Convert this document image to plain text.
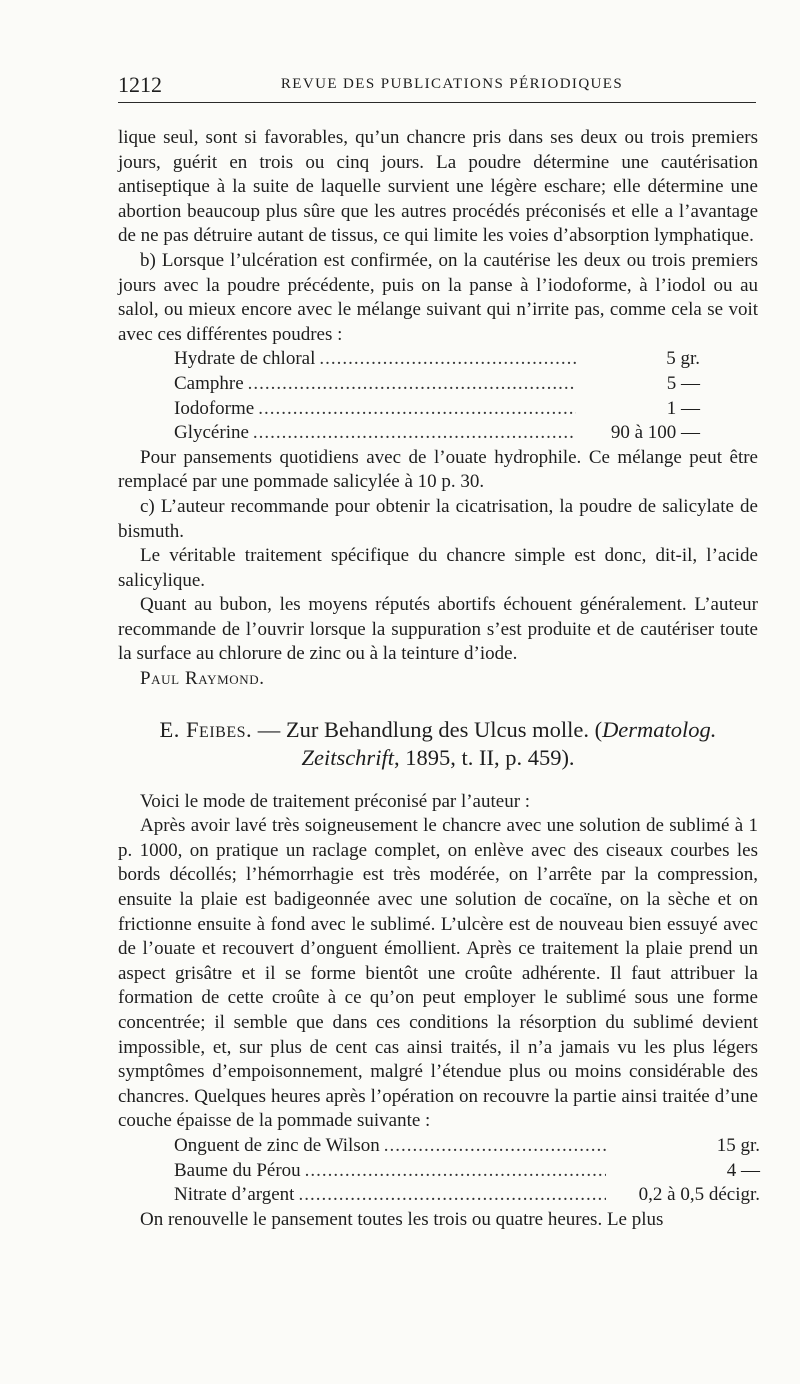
1212	REVUE DES PUBLICATIONS PÉRIODIQUES

lique seul, sont si favorables, qu’un chancre pris dans ses deux ou trois premiers jours, guérit en trois ou cinq jours. La poudre détermine une cautérisation antiseptique à la suite de laquelle survient une légère eschare; elle détermine une abortion beaucoup plus sûre que les autres procédés préconisés et elle a l’avantage de ne pas détruire autant de tissus, ce qui limite les voies d’absorption lymphatique.

b) Lorsque l’ulcération est confirmée, on la cautérise les deux ou trois premiers jours avec la poudre précédente, puis on la panse à l’iodoforme, à l’iodol ou au salol, ou mieux encore avec le mélange suivant qui n’irrite pas, comme cela se voit avec ces différentes poudres :

Hydrate de chloral .....	5 gr.
Camphre .....	5 —
Iodoforme .....	1 —
Glycérine .....	90 à 100 —

Pour pansements quotidiens avec de l’ouate hydrophile. Ce mélange peut être remplacé par une pommade salicylée à 10 p. 30.

c) L’auteur recommande pour obtenir la cicatrisation, la poudre de salicylate de bismuth.

Le véritable traitement spécifique du chancre simple est donc, dit-il, l’acide salicylique.

Quant au bubon, les moyens réputés abortifs échouent généralement. L’auteur recommande de l’ouvrir lorsque la suppuration s’est produite et de cautériser toute la surface au chlorure de zinc ou à la teinture d’iode.

Paul Raymond.

E. Feibes. — Zur Behandlung des Ulcus molle. (Dermatolog. Zeitschrift, 1895, t. II, p. 459).

Voici le mode de traitement préconisé par l’auteur :

Après avoir lavé très soigneusement le chancre avec une solution de sublimé à 1 p. 1000, on pratique un raclage complet, on enlève avec des ciseaux courbes les bords décollés; l’hémorrhagie est très modérée, on l’arrête par la compression, ensuite la plaie est badigeonnée avec une solution de cocaïne, on la sèche et on frictionne ensuite à fond avec le sublimé. L’ulcère est de nouveau bien essuyé avec de l’ouate et recouvert d’onguent émollient. Après ce traitement la plaie prend un aspect grisâtre et il se forme bientôt une croûte adhérente. Il faut attribuer la formation de cette croûte à ce qu’on peut employer le sublimé sous une forme concentrée; il semble que dans ces conditions la résorption du sublimé devient impossible, et, sur plus de cent cas ainsi traités, il n’a jamais vu les plus légers symptômes d’empoisonnement, malgré l’étendue plus ou moins considérable des chancres. Quelques heures après l’opération on recouvre la partie ainsi traitée d’une couche épaisse de la pommade suivante :

Onguent de zinc de Wilson .....	15 gr.
Baume du Pérou .....	4 —
Nitrate d’argent .....	0,2 à 0,5 décigr.

On renouvelle le pansement toutes les trois ou quatre heures. Le plus
